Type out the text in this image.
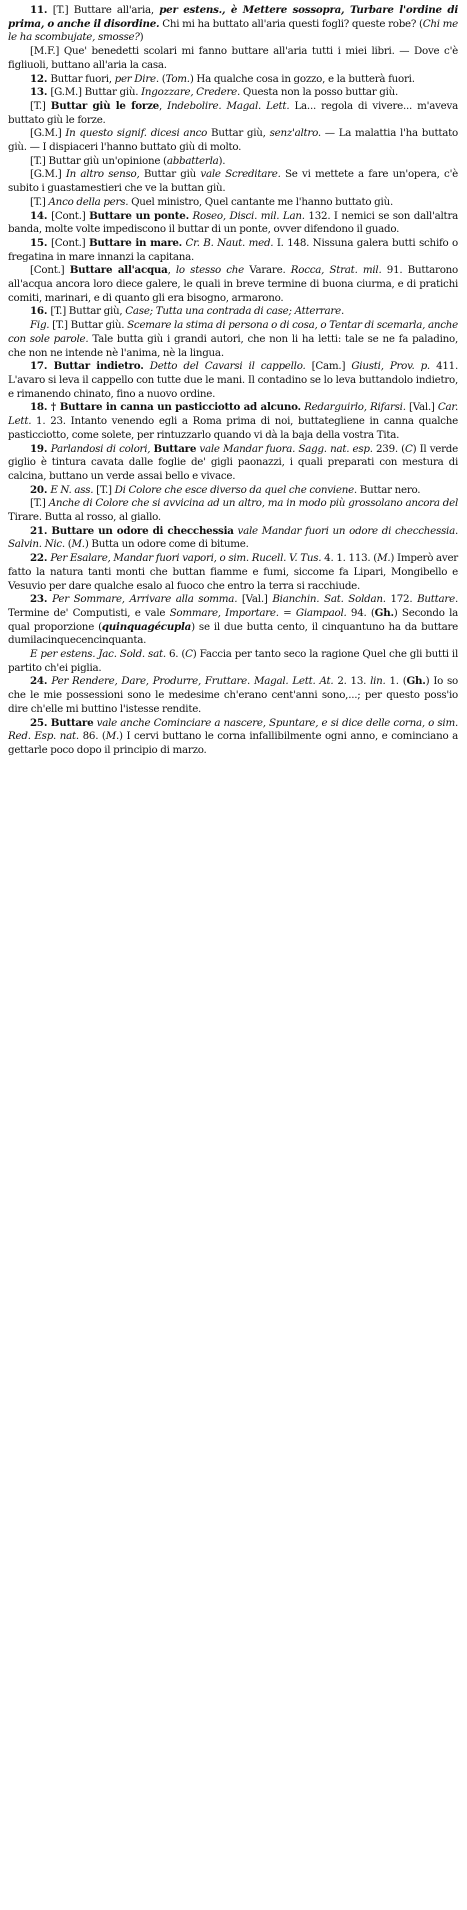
11. [T.] Buttare all'aria, per estens., è Mettere sossopra, Turbare l'ordine di prima, o anche il disordine. Chi mi ha buttato all'aria questi fogli? queste robe? (Chi me le ha scombujate, smosse?)

[M.F.] Que' benedetti scolari mi fanno buttare all'aria tutti i miei libri. — Dove c'è figliuoli, buttano all'aria la casa.

12. Buttar fuori, per Dire. (Tom.) Ha qualche cosa in gozzo, e la butterà fuori.

13. [G.M.] Buttar giù. Ingozzare, Credere. Questa non la posso buttar giù.

[T.] Buttar giù le forze, Indebolire. Magal. Lett. La... regola di vivere... m'aveva buttato giù le forze.

[G.M.] In questo signif. dicesi anco Buttar giù, senz'altro. — La malattia l'ha buttato giù. — I dispiaceri l'hanno buttato giù di molto.

[T.] Buttar giù un'opinione (abbatterla).

[G.M.] In altro senso, Buttar giù vale Screditare. Se vi mettete a fare un'opera, c'è subito i guastamestieri che ve la buttan giù.

[T.] Anco della pers. Quel ministro, Quel cantante me l'hanno buttato giù.

14. [Cont.] Buttare un ponte. Roseo, Disci. mil. Lan. 132. I nemici se son dall'altra banda, molte volte impediscono il buttar di un ponte, ovver difendono il guado.

15. [Cont.] Buttare in mare. Cr. B. Naut. med. I. 148. Nissuna galera butti schifo o fregatina in mare innanzi la capitana.

[Cont.] Buttare all'acqua, lo stesso che Varare. Rocca, Strat. mil. 91. Buttarono all'acqua ancora loro diece galere, le quali in breve termine di buona ciurma, e di pratichi comiti, marinari, e di quanto gli era bisogno, armarono.

16. [T.] Buttar giù, Case; Tutta una contrada di case; Atterrare.

Fig. [T.] Buttar giù. Scemare la stima di persona o di cosa, o Tentar di scemarla, anche con sole parole. Tale butta giù i grandi autori, che non li ha letti: tale se ne fa paladino, che non ne intende nè l'anima, nè la lingua.

17. Buttar indietro. Detto del Cavarsi il cappello. [Cam.] Giusti, Prov. p. 411. L'avaro si leva il cappello con tutte due le mani. Il contadino se lo leva buttandolo indietro, e rimanendo chinato, fino a nuovo ordine.

18. † Buttare in canna un pasticciotto ad alcuno. Redarguirlo, Rifarsi. [Val.] Car. Lett. 1. 23. Intanto venendo egli a Roma prima di noi, buttategliene in canna qualche pasticciotto, come solete, per rintuzzarlo quando vi dà la baja della vostra Tita.

19. Parlandosi di colori, Buttare vale Mandar fuora. Sagg. nat. esp. 239. (C) Il verde giglio è tintura cavata dalle foglie de' gigli paonazzi, i quali preparati con mestura di calcina, buttano un verde assai bello e vivace.

20. E N. ass. [T.] Di Colore che esce diverso da quel che conviene. Buttar nero.

[T.] Anche di Colore che si avvicina ad un altro, ma in modo più grossolano ancora del Tirare. Butta al rosso, al giallo.

21. Buttare un odore di checchessia vale Mandar fuori un odore di checchessia. Salvin. Nic. (M.) Butta un odore come di bitume.

22. Per Esalare, Mandar fuori vapori, o sim. Rucell. V. Tus. 4. 1. 113. (M.) Imperò aver fatto la natura tanti monti che buttan fiamme e fumi, siccome fa Lipari, Mongibello e Vesuvio per dare qualche esalo al fuoco che entro la terra si racchiude.

23. Per Sommare, Arrivare alla somma. [Val.] Bianchin. Sat. Soldan. 172. Buttare. Termine de' Computisti, e vale Sommare, Importare. = Giampaol. 94. (Gh.) Secondo la qual proporzione (quinquagécupla) se il due butta cento, il cinquantuno ha da buttare dumilacinquecencinquanta.

E per estens. Jac. Sold. sat. 6. (C) Faccia per tanto seco la ragione Quel che gli butti il partito ch'ei piglia.

24. Per Rendere, Dare, Produrre, Fruttare. Magal. Lett. At. 2. 13. lin. 1. (Gh.) Io so che le mie possessioni sono le medesime ch'erano cent'anni sono,...; per questo poss'io dire ch'elle mi buttino l'istesse rendite.

25. Buttare vale anche Cominciare a nascere, Spuntare, e si dice delle corna, o sim. Red. Esp. nat. 86. (M.) I cervi buttano le corna infallibilmente ogni anno, e cominciano a gettarle poco dopo il principio di marzo.
